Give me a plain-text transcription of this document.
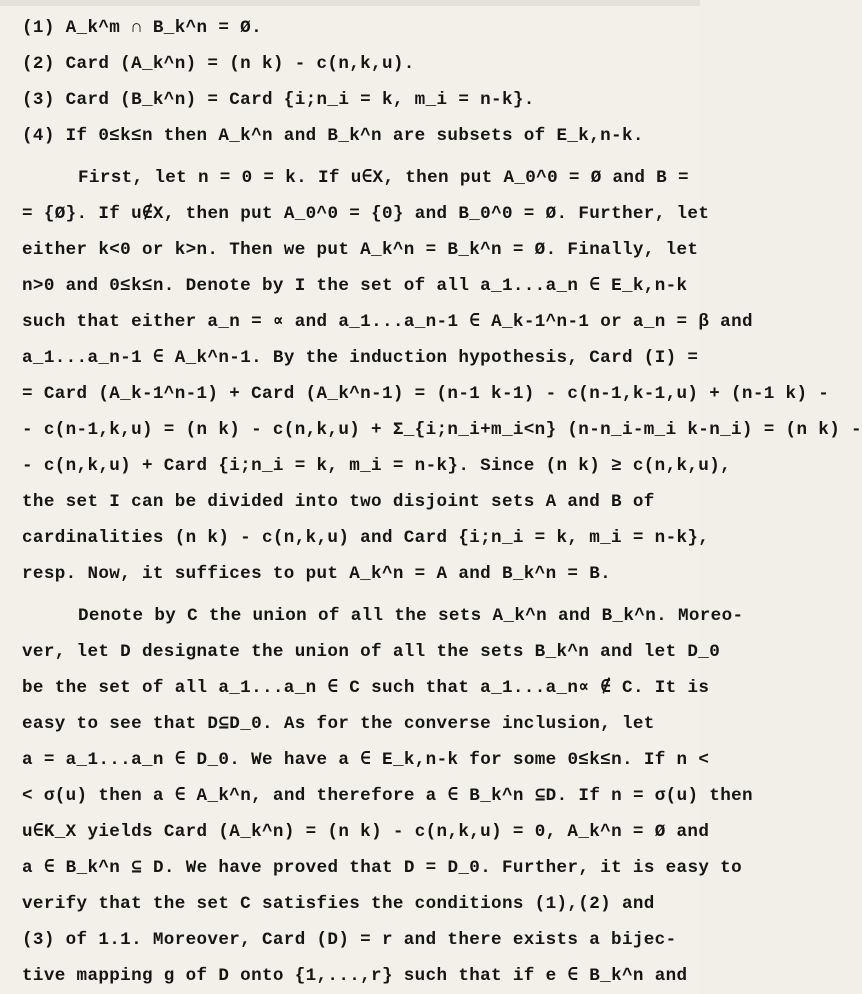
(1) A_k^m ∩ B_k^n = Ø.
(2) Card (A_k^n) = (n k) - c(n,k,u).
(3) Card (B_k^n) = Card {i;n_i = k, m_i = n-k}.
(4) If 0≤k≤n then A_k^n and B_k^n are subsets of E_k,n-k.
First, let n = 0 = k. If u∈X, then put A_0^0 = Ø and B =
= {Ø}. If u∉X, then put A_0^0 = {0} and B_0^0 = Ø. Further, let
either k<0 or k>n. Then we put A_k^n = B_k^n = Ø. Finally, let
n>0 and 0≤k≤n. Denote by I the set of all a_1...a_n ∈ E_k,n-k
such that either a_n = ∝ and a_1...a_n-1 ∈ A_k-1^n-1 or a_n = β and
a_1...a_n-1 ∈ A_k^n-1. By the induction hypothesis, Card (I) =
= Card (A_k-1^n-1) + Card (A_k^n-1) = (n-1 k-1) - c(n-1,k-1,u) + (n-1 k) -
- c(n-1,k,u) = (n k) - c(n,k,u) + Σ_{i;n_i+m_i<n} (n-n_i-m_i k-n_i) = (n k) -
- c(n,k,u) + Card {i;n_i = k, m_i = n-k}. Since (n k) ≥ c(n,k,u),
the set I can be divided into two disjoint sets A and B of
cardinalities (n k) - c(n,k,u) and Card {i;n_i = k, m_i = n-k},
resp. Now, it suffices to put A_k^n = A and B_k^n = B.
Denote by C the union of all the sets A_k^n and B_k^n. Moreo-
ver, let D designate the union of all the sets B_k^n and let D_0
be the set of all a_1...a_n ∈ C such that a_1...a_n∝ ∉ C. It is
easy to see that D⊆D_0. As for the converse inclusion, let
a = a_1...a_n ∈ D_0. We have a ∈ E_k,n-k for some 0≤k≤n. If n <
< σ(u) then a ∈ A_k^n, and therefore a ∈ B_k^n ⊆D. If n = σ(u) then
u∈K_X yields Card (A_k^n) = (n k) - c(n,k,u) = 0, A_k^n = Ø and
a ∈ B_k^n ⊆ D. We have proved that D = D_0. Further, it is easy to
verify that the set C satisfies the conditions (1),(2) and
(3) of 1.1. Moreover, Card (D) = r and there exists a bijec-
tive mapping g of D onto {1,...,r} such that if e ∈ B_k^n and
